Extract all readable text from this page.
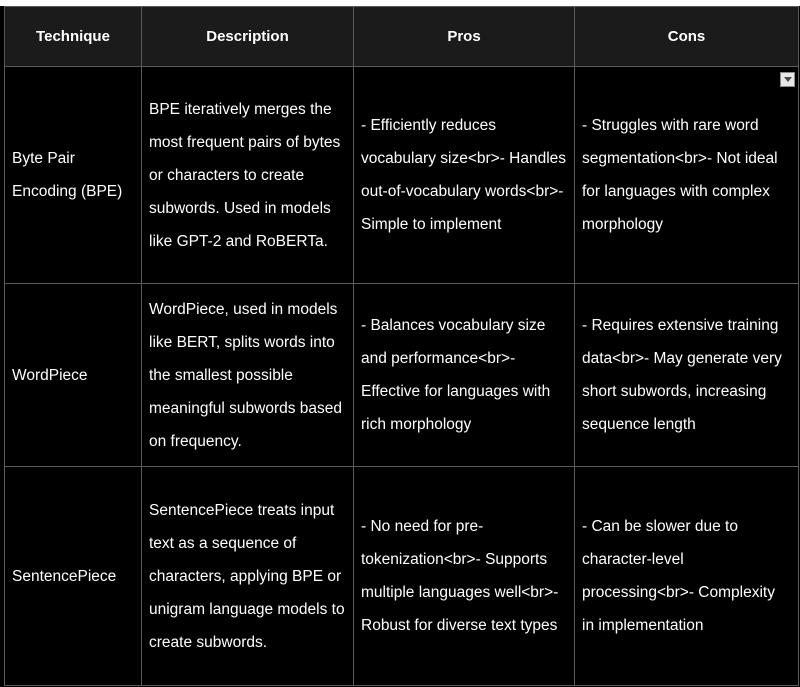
Technique	Description	Pros	Cons
Byte Pair Encoding (BPE)	BPE iteratively merges the most frequent pairs of bytes or characters to create subwords. Used in models like GPT-2 and RoBERTa.	- Efficiently reduces vocabulary size<br>- Handles out-of-vocabulary words<br>- Simple to implement	- Struggles with rare word segmentation<br>- Not ideal for languages with complex morphology

WordPiece	WordPiece, used in models like BERT, splits words into the smallest possible meaningful subwords based on frequency.	- Balances vocabulary size and performance<br>- Effective for languages with rich morphology	- Requires extensive training data<br>- May generate very short subwords, increasing sequence length
SentencePiece	SentencePiece treats input text as a sequence of characters, applying BPE or unigram language models to create subwords.	- No need for pre-tokenization<br>- Supports multiple languages well<br>- Robust for diverse text types	- Can be slower due to character-level processing<br>- Complexity in implementation
